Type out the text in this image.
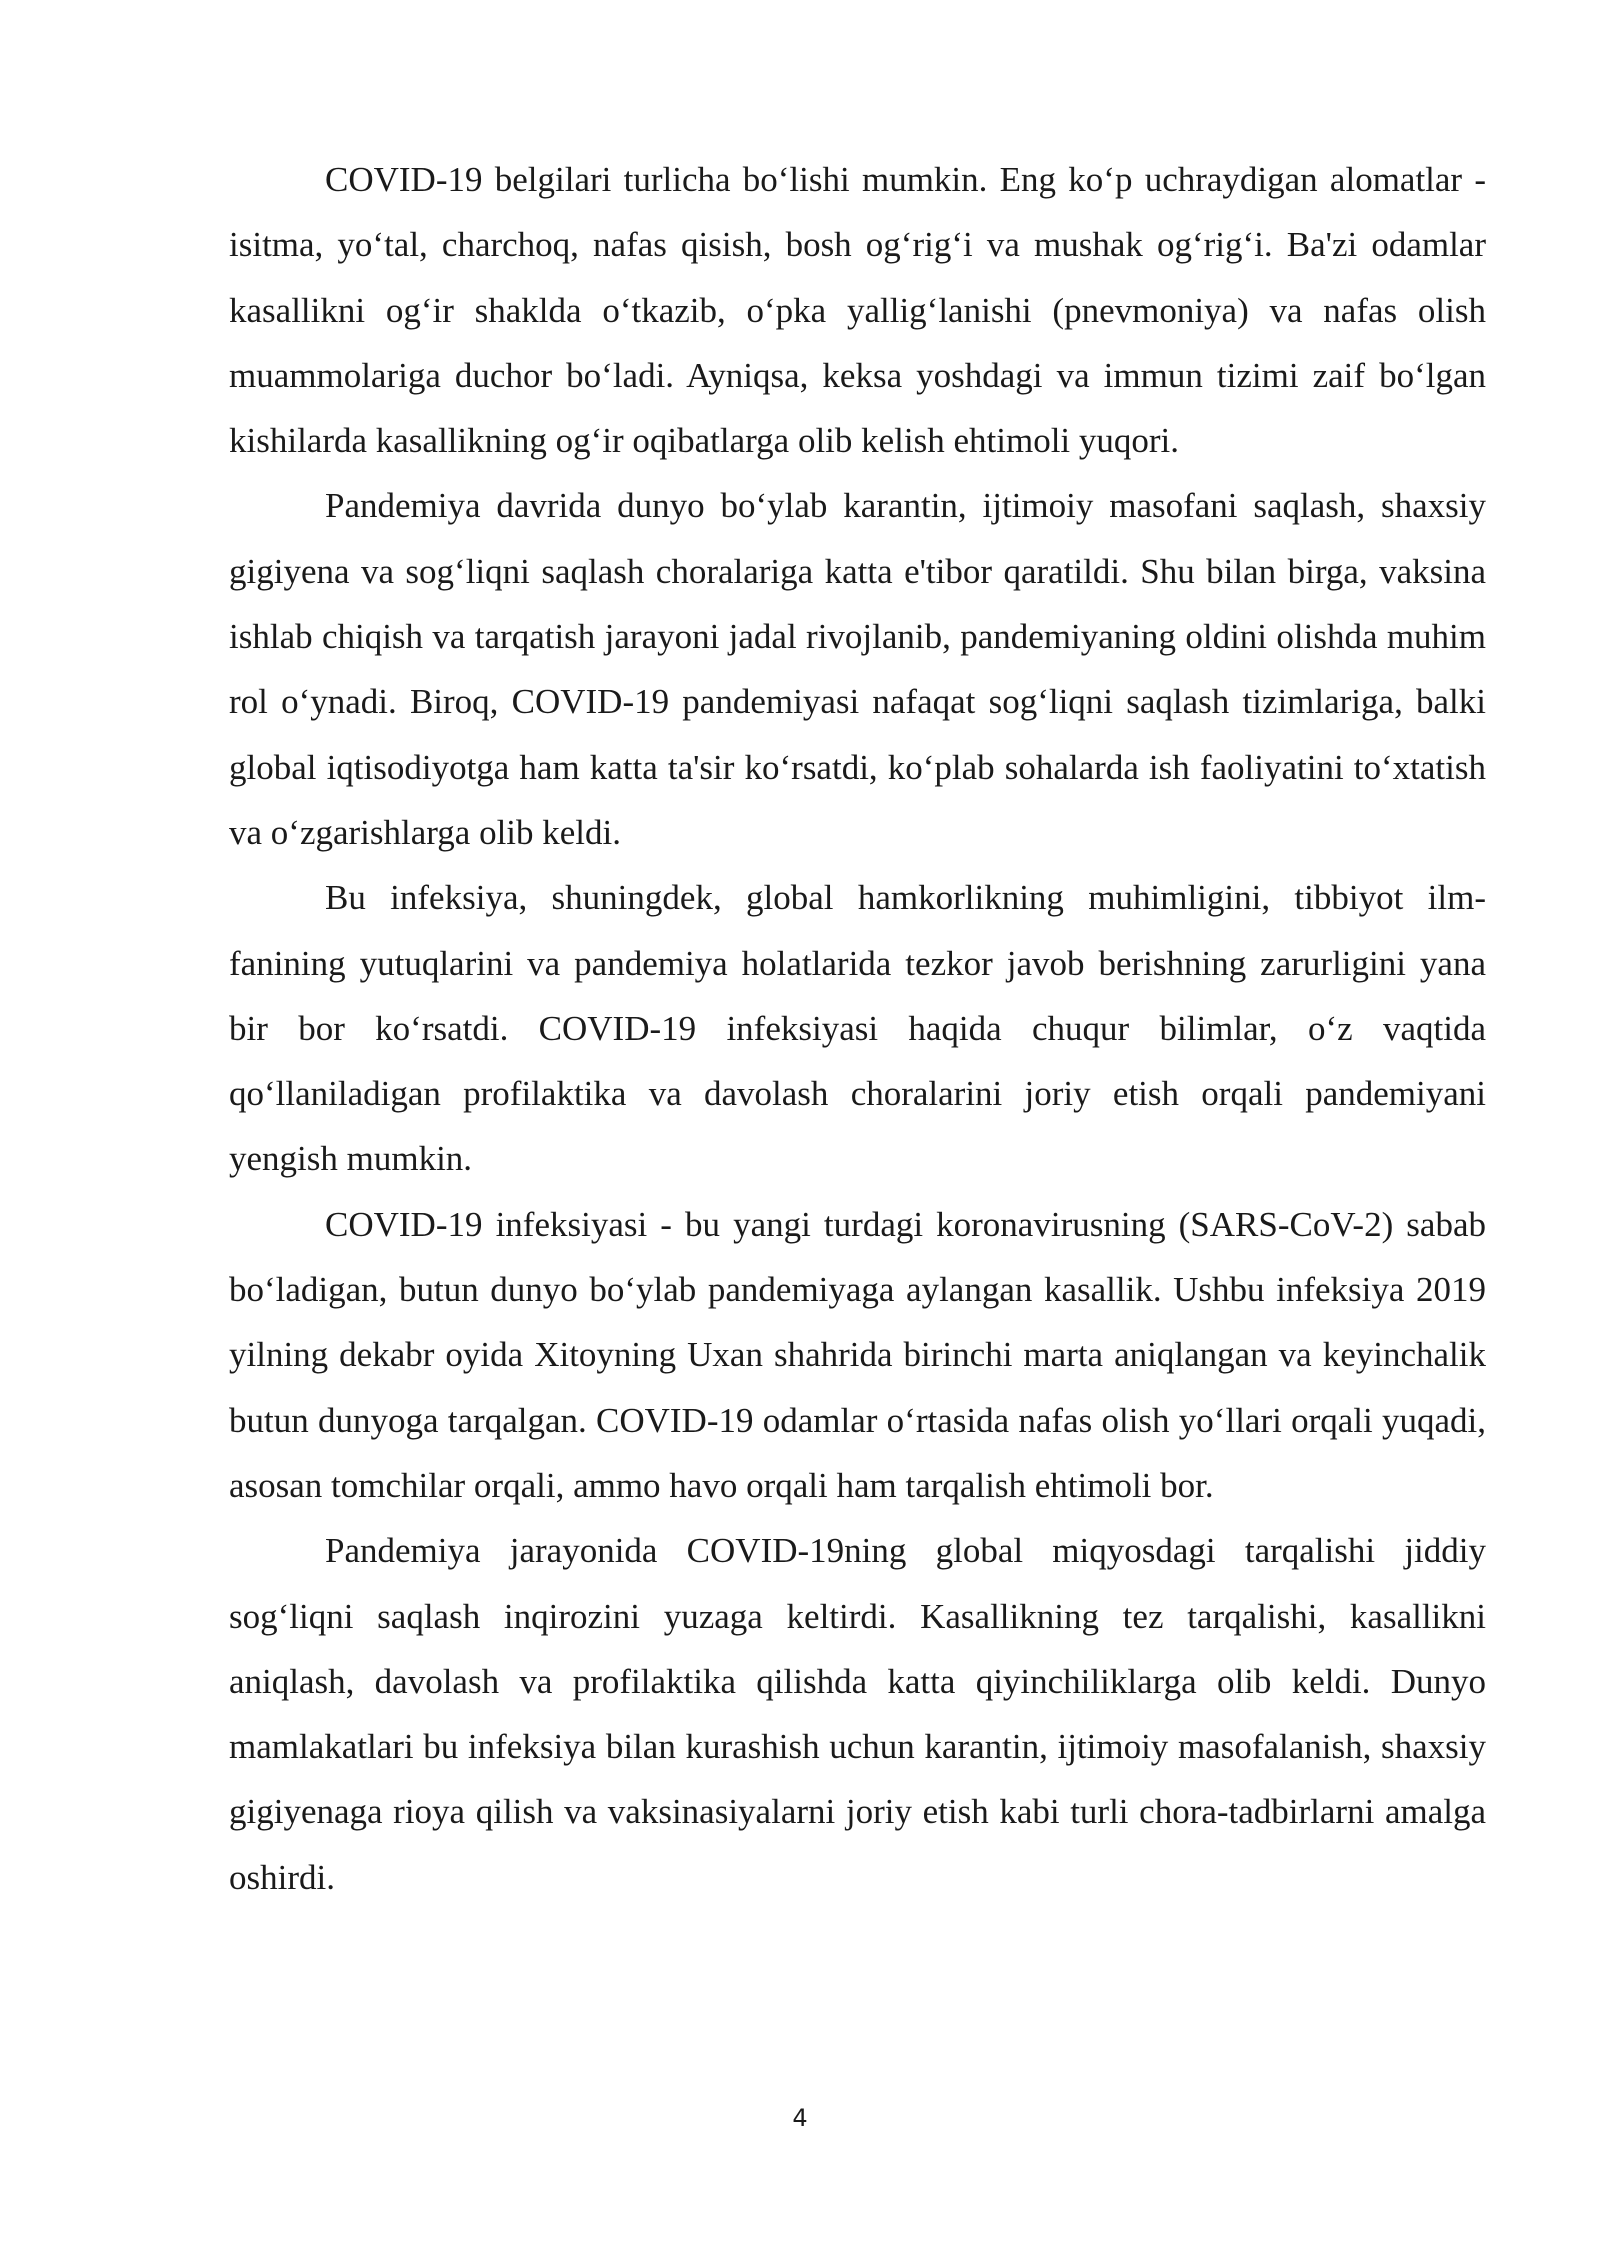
COVID-19 belgilari turlicha bo‘lishi mumkin. Eng ko‘p uchraydigan alomatlar - isitma, yo‘tal, charchoq, nafas qisish, bosh og‘rig‘i va mushak og‘rig‘i. Ba'zi odamlar kasallikni og‘ir shaklda o‘tkazib, o‘pka yallig‘lanishi (pnevmoniya) va nafas olish muammolariga duchor bo‘ladi. Ayniqsa, keksa yoshdagi va immun tizimi zaif bo‘lgan kishilarda kasallikning og‘ir oqibatlarga olib kelish ehtimoli yuqori.

Pandemiya davrida dunyo bo‘ylab karantin, ijtimoiy masofani saqlash, shaxsiy gigiyena va sog‘liqni saqlash choralariga katta e'tibor qaratildi. Shu bilan birga, vaksina ishlab chiqish va tarqatish jarayoni jadal rivojlanib, pandemiyaning oldini olishda muhim rol o‘ynadi. Biroq, COVID-19 pandemiyasi nafaqat sog‘liqni saqlash tizimlariga, balki global iqtisodiyotga ham katta ta'sir ko‘rsatdi, ko‘plab sohalarda ish faoliyatini to‘xtatish va o‘zgarishlarga olib keldi.

Bu infeksiya, shuningdek, global hamkorlikning muhimligini, tibbiyot ilm-fanining yutuqlarini va pandemiya holatlarida tezkor javob berishning zarurligini yana bir bor ko‘rsatdi. COVID-19 infeksiyasi haqida chuqur bilimlar, o‘z vaqtida qo‘llaniladigan profilaktika va davolash choralarini joriy etish orqali pandemiyani yengish mumkin.

COVID-19 infeksiyasi - bu yangi turdagi koronavirusning (SARS-CoV-2) sabab bo‘ladigan, butun dunyo bo‘ylab pandemiyaga aylangan kasallik. Ushbu infeksiya 2019 yilning dekabr oyida Xitoyning Uxan shahrida birinchi marta aniqlangan va keyinchalik butun dunyoga tarqalgan. COVID-19 odamlar o‘rtasida nafas olish yo‘llari orqali yuqadi, asosan tomchilar orqali, ammo havo orqali ham tarqalish ehtimoli bor.

Pandemiya jarayonida COVID-19ning global miqyosdagi tarqalishi jiddiy sog‘liqni saqlash inqirozini yuzaga keltirdi. Kasallikning tez tarqalishi, kasallikni aniqlash, davolash va profilaktika qilishda katta qiyinchiliklarga olib keldi. Dunyo mamlakatlari bu infeksiya bilan kurashish uchun karantin, ijtimoiy masofalanish, shaxsiy gigiyenaga rioya qilish va vaksinasiyalarni joriy etish kabi turli chora-tadbirlarni amalga oshirdi.

4
